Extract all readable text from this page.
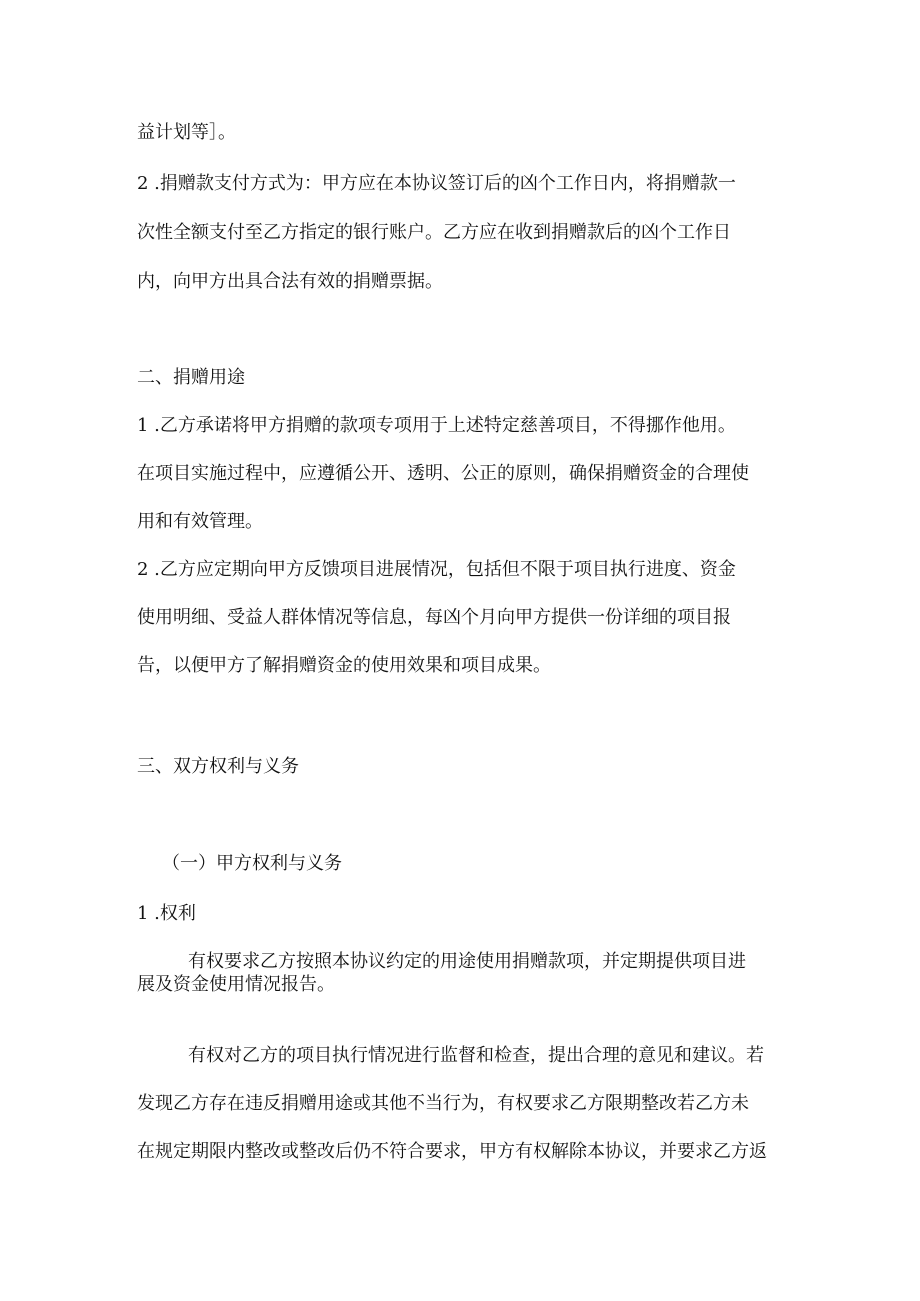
益计划等］。
2 .捐赠款支付方式为：甲方应在本协议签订后的凶个工作日内，将捐赠款一
次性全额支付至乙方指定的银行账户。乙方应在收到捐赠款后的凶个工作日
内，向甲方出具合法有效的捐赠票据。
二、捐赠用途
1 .乙方承诺将甲方捐赠的款项专项用于上述特定慈善项目，不得挪作他用。
在项目实施过程中，应遵循公开、透明、公正的原则，确保捐赠资金的合理使
用和有效管理。
2 .乙方应定期向甲方反馈项目进展情况，包括但不限于项目执行进度、资金
使用明细、受益人群体情况等信息，每凶个月向甲方提供一份详细的项目报
告，以便甲方了解捐赠资金的使用效果和项目成果。
三、双方权利与义务
（一）甲方权利与义务
1 .权利
有权要求乙方按照本协议约定的用途使用捐赠款项，并定期提供项目进
展及资金使用情况报告。
有权对乙方的项目执行情况进行监督和检查，提出合理的意见和建议。若
发现乙方存在违反捐赠用途或其他不当行为，有权要求乙方限期整改若乙方未
在规定期限内整改或整改后仍不符合要求，甲方有权解除本协议，并要求乙方返
